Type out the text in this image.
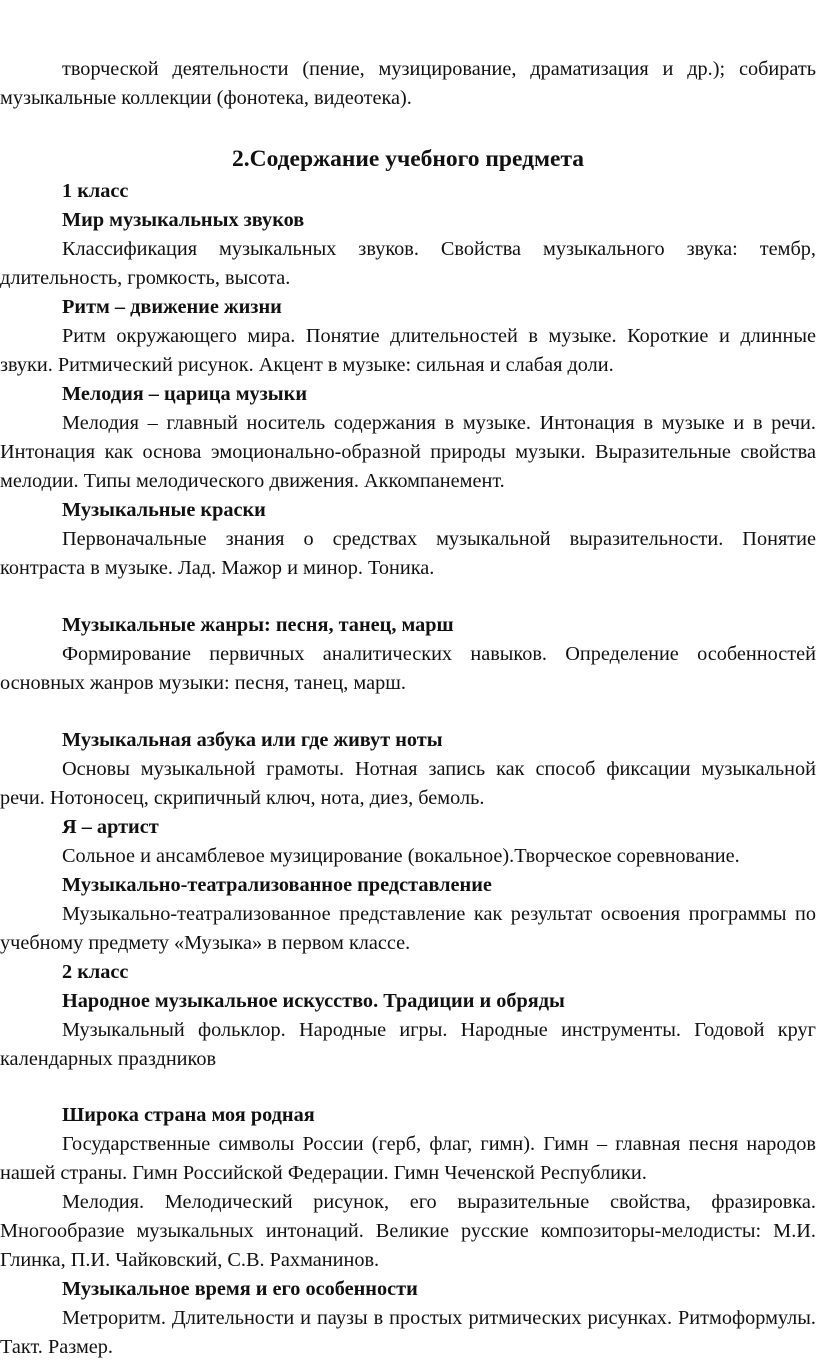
творческой деятельности (пение, музицирование, драматизация и др.); собирать музыкальные коллекции (фонотека, видеотека).

2.Содержание учебного предмета

1 класс

Мир музыкальных звуков

Классификация музыкальных звуков. Свойства музыкального звука: тембр, длительность, громкость, высота.

Ритм – движение жизни

Ритм окружающего мира. Понятие длительностей в музыке. Короткие и длинные звуки. Ритмический рисунок. Акцент в музыке: сильная и слабая доли.

Мелодия – царица музыки

Мелодия – главный носитель содержания в музыке. Интонация в музыке и в речи. Интонация как основа эмоционально-образной природы музыки. Выразительные свойства мелодии. Типы мелодического движения. Аккомпанемент.

Музыкальные краски

Первоначальные знания о средствах музыкальной выразительности. Понятие контраста в музыке. Лад. Мажор и минор. Тоника.

Музыкальные жанры: песня, танец, марш

Формирование первичных аналитических навыков. Определение особенностей основных жанров музыки: песня, танец, марш.

Музыкальная азбука или где живут ноты

Основы музыкальной грамоты. Нотная запись как способ фиксации музыкальной речи. Нотоносец, скрипичный ключ, нота, диез, бемоль.

Я – артист

Сольное и ансамблевое музицирование (вокальное).Творческое соревнование.

Музыкально-театрализованное представление

Музыкально-театрализованное представление как результат освоения программы по учебному предмету «Музыка» в первом классе.

2 класс

Народное музыкальное искусство. Традиции и обряды

Музыкальный фольклор. Народные игры. Народные инструменты. Годовой круг календарных праздников

Широка страна моя родная

Государственные символы России (герб, флаг, гимн). Гимн – главная песня народов нашей страны. Гимн Российской Федерации. Гимн Чеченской Республики.

Мелодия. Мелодический рисунок, его выразительные свойства, фразировка. Многообразие музыкальных интонаций. Великие русские композиторы-мелодисты: М.И. Глинка, П.И. Чайковский, С.В. Рахманинов.

Музыкальное время и его особенности

Метроритм. Длительности и паузы в простых ритмических рисунках. Ритмоформулы. Такт. Размер.
